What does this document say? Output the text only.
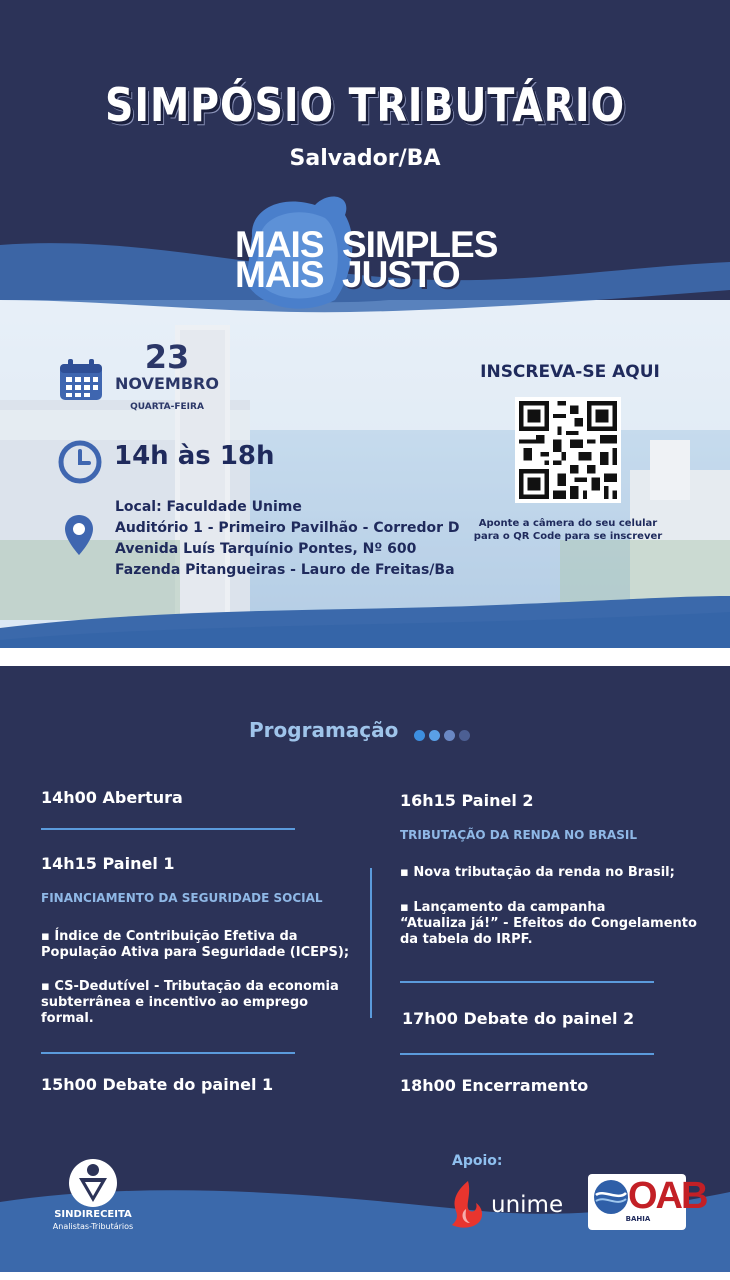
SIMPÓSIO TRIBUTÁRIO
Salvador/BA
MAIS SIMPLES
MAIS JUSTO
23
NOVEMBRO
QUARTA-FEIRA
14h às 18h
Local: Faculdade Unime
Auditório 1 - Primeiro Pavilhão - Corredor D
Avenida Luís Tarquínio Pontes, Nº 600
Fazenda Pitangueiras - Lauro de Freitas/Ba
INSCREVA-SE AQUI
Aponte a câmera do seu celular
para o QR Code para se inscrever
Programação
14h00 Abertura
14h15 Painel 1
FINANCIAMENTO DA SEGURIDADE SOCIAL
▪ Índice de Contribuição Efetiva da
População Ativa para Seguridade (ICEPS);
▪ CS-Dedutível - Tributação da economia
subterrânea e incentivo ao emprego
formal.
15h00 Debate do painel 1
16h15 Painel 2
TRIBUTAÇÃO DA RENDA NO BRASIL
▪ Nova tributação da renda no Brasil;
▪ Lançamento da campanha
“Atualiza já!” - Efeitos do Congelamento
da tabela do IRPF.
17h00 Debate do painel 2
18h00 Encerramento
SINDIRECEITA
Analistas-Tributários
Apoio:
unime OAB
BAHIA
